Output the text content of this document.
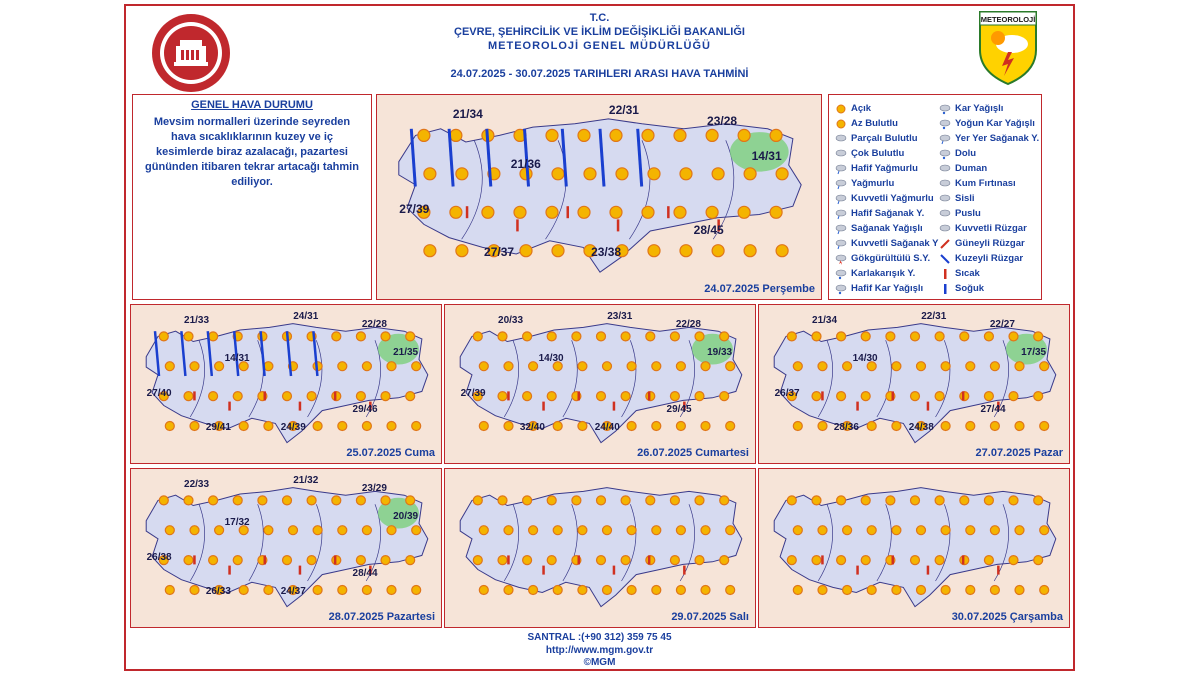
T.C.
ÇEVRE, ŞEHİRCİLİK VE İKLİM DEĞİŞİKLİĞİ BAKANLIĞI
METEOROLOJİ GENEL MÜDÜRLÜĞÜ
24.07.2025 - 30.07.2025 TARIHLERI ARASI HAVA TAHMİNİ
METEOROLOJİ
GENEL HAVA DURUMU
Mevsim normalleri üzerinde seyreden hava sıcaklıklarının kuzey ve iç kesimlerde biraz azalacağı, pazartesi gününden itibaren tekrar artacağı tahmin ediliyor.
21/34	22/31
23/28
21/36
14/31
27/39
27/37	23/38
28/45
24.07.2025 Perşembe
21/33	24/31
22/28
14/31
21/35
27/40
29/41	24/39
29/46
25.07.2025 Cuma
20/33	23/31
22/28
14/30
19/33
27/39
32/40	24/40
29/45
26.07.2025 Cumartesi
21/34	22/31
22/27
14/30
17/35
26/37
28/36	24/38
27/44
27.07.2025 Pazar
22/33	21/32
23/29
17/32
20/39
26/38
26/33	24/37
28/44
28.07.2025 Pazartesi	29.07.2025 Salı	30.07.2025 Çarşamba
Açık
Az Bulutlu
Parçalı Bulutlu
Çok Bulutlu
Hafif Yağmurlu
Yağmurlu
Kuvvetli Yağmurlu
Hafif Sağanak Y.
Sağanak Yağışlı
Kuvvetli Sağanak Y
Gökgürültülü S.Y.
Karlakarışık Y.
Hafif Kar Yağışlı
Kar Yağışlı
Yoğun Kar Yağışlı
Yer Yer Sağanak Y.
Dolu
Duman
Kum Fırtınası
Sisli
Puslu
Kuvvetli Rüzgar
Güneyli Rüzgar
Kuzeyli Rüzgar
Sıcak
Soğuk
SANTRAL :(+90 312) 359 75 45
http://www.mgm.gov.tr
©MGM
